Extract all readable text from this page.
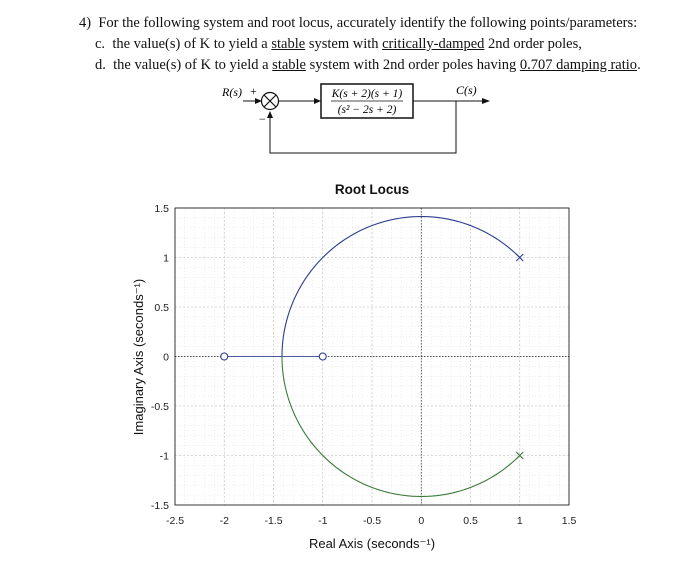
4) For the following system and root locus, accurately identify the following points/parameters:
c. the value(s) of K to yield a stable system with critically-damped 2nd order poles,
d. the value(s) of K to yield a stable system with 2nd order poles having 0.707 damping ratio.
R(s) +
−
K(s + 2)(s + 1)
(s² − 2s + 2)
C(s)
Root Locus
-2.5	-2	-1.5	-1	-0.5	0	0.5	1	1.5
1.5
1
0.5
0
-0.5
-1
-1.5
Real Axis (seconds⁻¹)
Imaginary Axis (seconds⁻¹)
